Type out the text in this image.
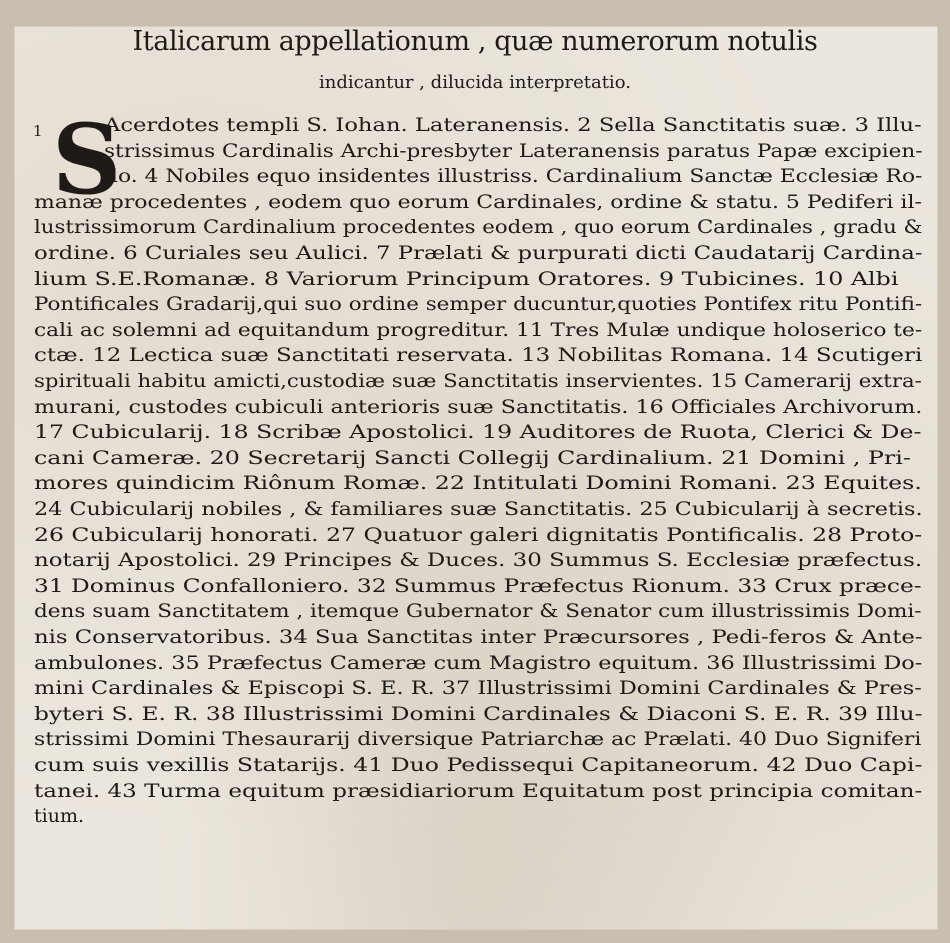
Italicarum appellationum , quæ numerorum notulis
indicantur , dilucida interpretatio.
1 S
Acerdotes templi S. Iohan. Lateranensis. 2 Sella Sanctitatis suæ. 3 Illu-
strissimus Cardinalis Archi-presbyter Lateranensis paratus Papæ excipien-
do. 4 Nobiles equo insidentes illustriss. Cardinalium Sanctæ Ecclesiæ Ro-
manæ procedentes , eodem quo eorum Cardinales, ordine & statu. 5 Pediferi il-
lustrissimorum Cardinalium procedentes eodem , quo eorum Cardinales , gradu &
ordine. 6 Curiales seu Aulici. 7 Prælati & purpurati dicti Caudatarij Cardina-
lium S.E.Romanæ. 8 Variorum Principum Oratores. 9 Tubicines. 10 Albi
Pontificales Gradarij,qui suo ordine semper ducuntur,quoties Pontifex ritu Pontifi-
cali ac solemni ad equitandum progreditur. 11 Tres Mulæ undique holoserico te-
ctæ. 12 Lectica suæ Sanctitati reservata. 13 Nobilitas Romana. 14 Scutigeri
spirituali habitu amicti,custodiæ suæ Sanctitatis inservientes. 15 Camerarij extra-
murani, custodes cubiculi anterioris suæ Sanctitatis. 16 Officiales Archivorum.
17 Cubicularij. 18 Scribæ Apostolici. 19 Auditores de Ruota, Clerici & De-
cani Cameræ. 20 Secretarij Sancti Collegij Cardinalium. 21 Domini , Pri-
mores quindicim Riônum Romæ. 22 Intitulati Domini Romani. 23 Equites.
24 Cubicularij nobiles , & familiares suæ Sanctitatis. 25 Cubicularij à secretis.
26 Cubicularij honorati. 27 Quatuor galeri dignitatis Pontificalis. 28 Proto-
notarij Apostolici. 29 Principes & Duces. 30 Summus S. Ecclesiæ præfectus.
31 Dominus Confalloniero. 32 Summus Præfectus Rionum. 33 Crux præce-
dens suam Sanctitatem , itemque Gubernator & Senator cum illustrissimis Domi-
nis Conservatoribus. 34 Sua Sanctitas inter Præcursores , Pedi-feros & Ante-
ambulones. 35 Præfectus Cameræ cum Magistro equitum. 36 Illustrissimi Do-
mini Cardinales & Episcopi S. E. R. 37 Illustrissimi Domini Cardinales & Pres-
byteri S. E. R. 38 Illustrissimi Domini Cardinales & Diaconi S. E. R. 39 Illu-
strissimi Domini Thesaurarij diversique Patriarchæ ac Prælati. 40 Duo Signiferi
cum suis vexillis Statarijs. 41 Duo Pedissequi Capitaneorum. 42 Duo Capi-
tanei. 43 Turma equitum præsidiariorum Equitatum post principia comitan-
tium.
